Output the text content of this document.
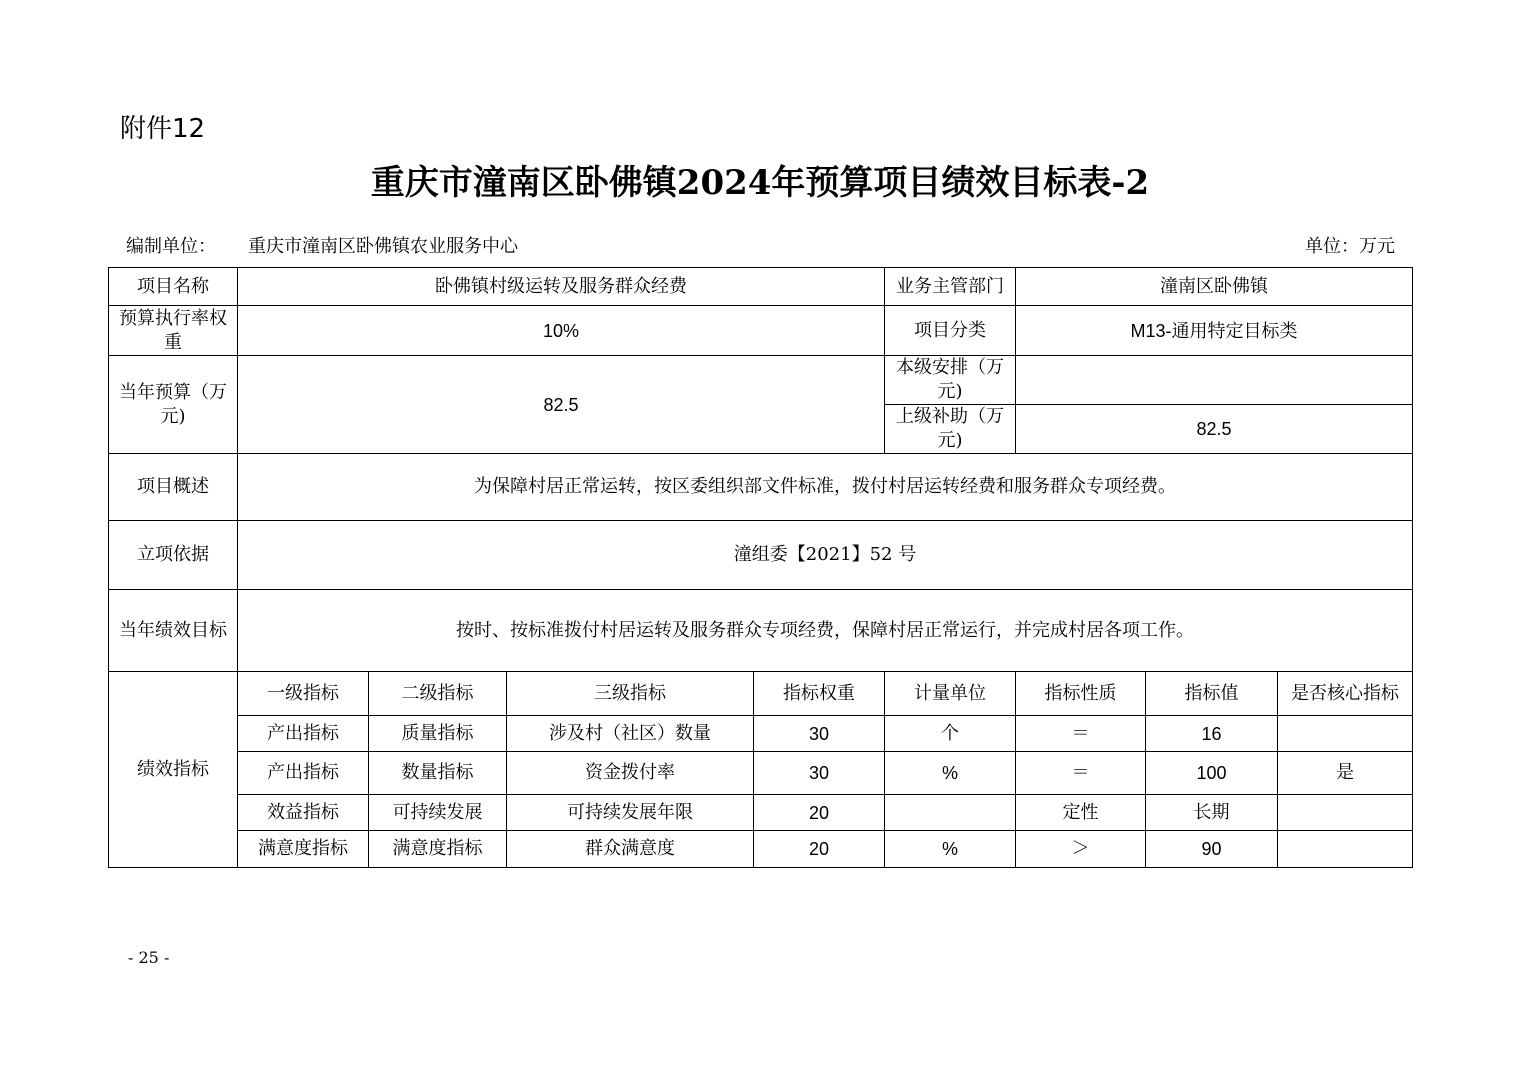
附件12
重庆市潼南区卧佛镇2024年预算项目绩效目标表-2
编制单位： 重庆市潼南区卧佛镇农业服务中心	单位：万元
项目名称	卧佛镇村级运转及服务群众经费				业务主管部门	潼南区卧佛镇		
预算执行率权重	10%				项目分类	M13-通用特定目标类		
当年预算（万元)	82.5				本级安排（万元)			
					上级补助（万元)	82.5		
项目概述	为保障村居正常运转，按区委组织部文件标准，拨付村居运转经费和服务群众专项经费。							
立项依据	潼组委【2021】52 号							
当年绩效目标	按时、按标准拨付村居运转及服务群众专项经费，保障村居正常运行，并完成村居各项工作。							
绩效指标	一级指标	二级指标	三级指标	指标权重	计量单位	指标性质	指标值	是否核心指标
	产出指标	质量指标	涉及村（社区）数量	30	个	＝	16	
	产出指标	数量指标	资金拨付率	30	%	＝	100	是
	效益指标	可持续发展	可持续发展年限	20		定性	长期	
	满意度指标	满意度指标	群众满意度	20	%	＞	90	
- 25 -
